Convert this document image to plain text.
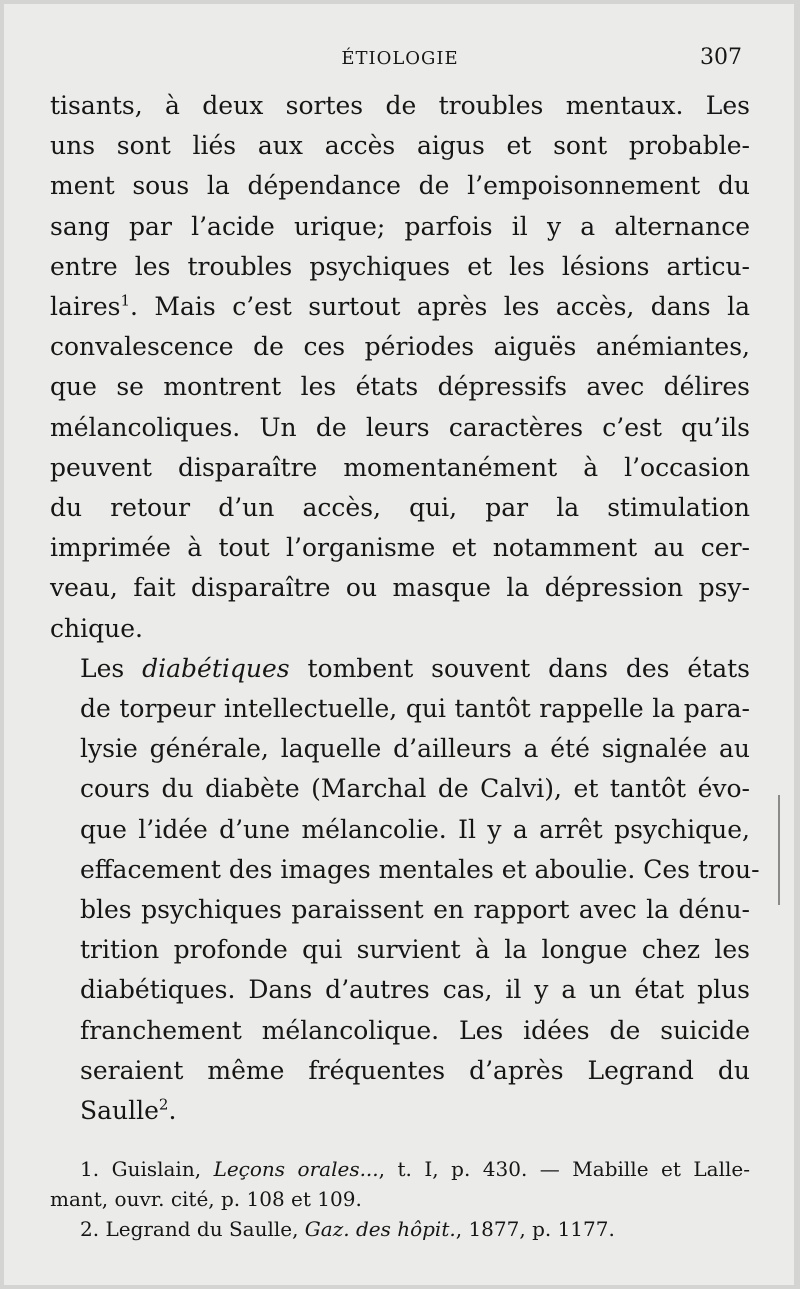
ÉTIOLOGIE	307

tisants, à deux sortes de troubles mentaux. Les
uns sont liés aux accès aigus et sont probable-
ment sous la dépendance de l’empoisonnement du
sang par l’acide urique; parfois il y a alternance
entre les troubles psychiques et les lésions articu-
laires$^1$. Mais c’est surtout après les accès, dans la
convalescence de ces périodes aiguës anémiantes,
que se montrent les états dépressifs avec délires
mélancoliques. Un de leurs caractères c’est qu’ils
peuvent disparaître momentanément à l’occasion
du retour d’un accès, qui, par la stimulation
imprimée à tout l’organisme et notamment au cer-
veau, fait disparaître ou masque la dépression psy-
chique.

Les diabétiques tombent souvent dans des états
de torpeur intellectuelle, qui tantôt rappelle la para-
lysie générale, laquelle d’ailleurs a été signalée au
cours du diabète (Marchal de Calvi), et tantôt évo-
que l’idée d’une mélancolie. Il y a arrêt psychique,
effacement des images mentales et aboulie. Ces trou-
bles psychiques paraissent en rapport avec la dénu-
trition profonde qui survient à la longue chez les
diabétiques. Dans d’autres cas, il y a un état plus
franchement mélancolique. Les idées de suicide
seraient même fréquentes d’après Legrand du
Saulle$^2$.

1. Guislain, Leçons orales..., t. I, p. 430. — Mabille et Lalle-
mant, ouvr. cité, p. 108 et 109.
2. Legrand du Saulle, Gaz. des hôpit., 1877, p. 1177.
